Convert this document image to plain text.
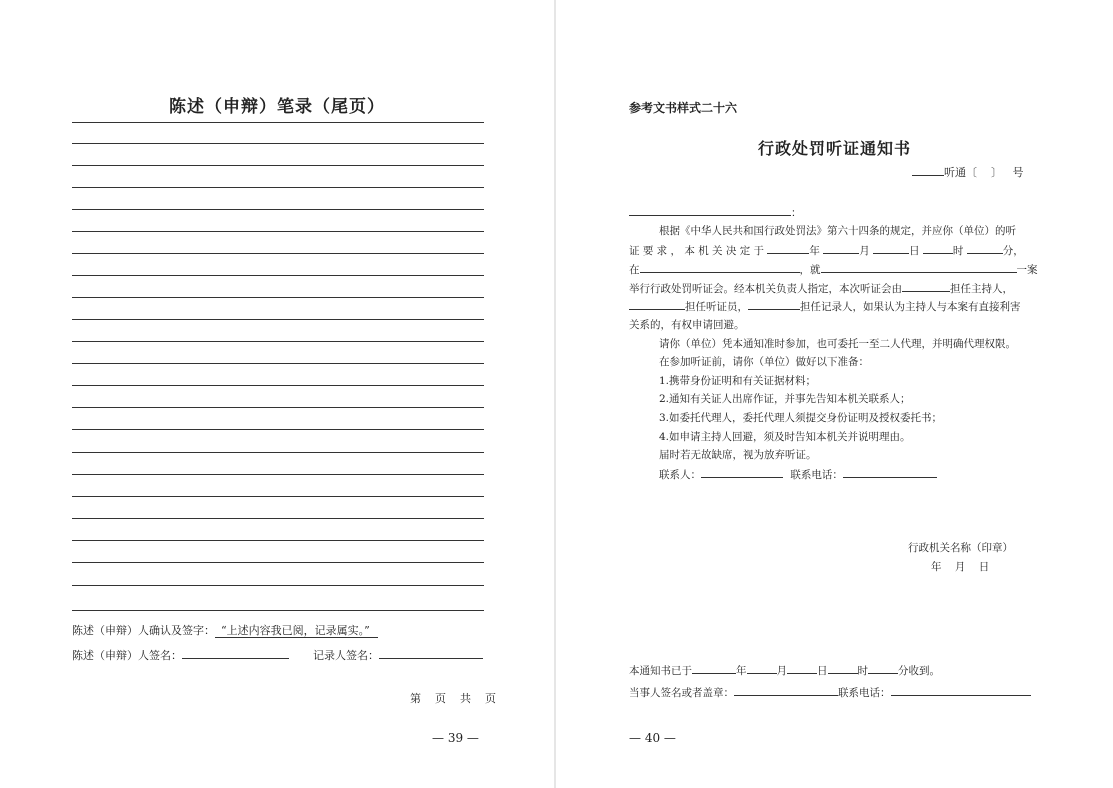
陈述（申辩）笔录（尾页）
陈述（申辩）人确认及签字： “上述内容我已阅，记录属实。”
陈述（申辩）人签名：	记录人签名：
第    页    共    页
— 39 —
参考文书样式二十六
行政处罚听证通知书
听通〔 〕   号
：
根据《中华人民共和国行政处罚法》第六十四条的规定，并应你（单位）的听
证 要 求 ， 本 机 关 决 定 于	年	月	日	时	分，
在	，就	一案
举行行政处罚听证会。经本机关负责人指定，本次听证会由	担任主持人，
担任听证员，	担任记录人，如果认为主持人与本案有直接利害
关系的，有权申请回避。
请你（单位）凭本通知准时参加，也可委托一至二人代理，并明确代理权限。
在参加听证前，请你（单位）做好以下准备：
1.携带身份证明和有关证据材料；
2.通知有关证人出席作证，并事先告知本机关联系人；
3.如委托代理人，委托代理人须提交身份证明及授权委托书；
4.如申请主持人回避，须及时告知本机关并说明理由。
届时若无故缺席，视为放弃听证。
联系人：	联系电话：
行政机关名称（印章）
年    月    日
本通知书已于	年	月	日	时	分收到。
当事人签名或者盖章：	联系电话：
— 40 —
